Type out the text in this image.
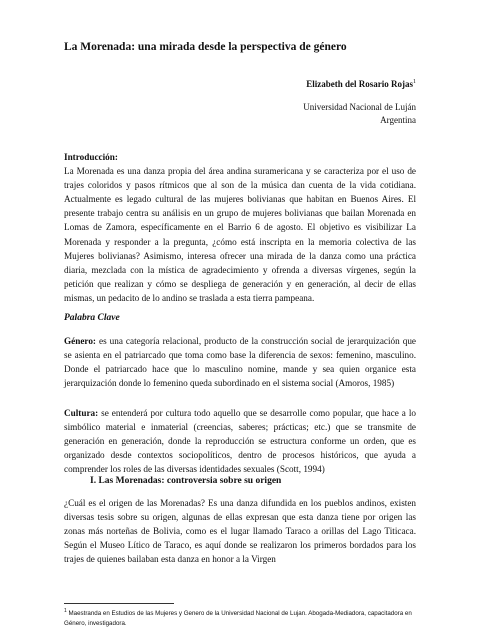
La Morenada: una mirada desde la perspectiva de género
Elizabeth del Rosario Rojas$^1$
Universidad Nacional de Luján
Argentina
Introducción:
La Morenada es una danza propia del área andina suramericana y se caracteriza por el uso de trajes coloridos y pasos rítmicos que al son de la música dan cuenta de la vida cotidiana. Actualmente es legado cultural de las mujeres bolivianas que habitan en Buenos Aires. El presente trabajo centra su análisis en un grupo de mujeres bolivianas que bailan Morenada en Lomas de Zamora, específicamente en el Barrio 6 de agosto. El objetivo es visibilizar La Morenada y responder a la pregunta, ¿cómo está inscripta en la memoria colectiva de las Mujeres bolivianas? Asimismo, interesa ofrecer una mirada de la danza como una práctica diaria, mezclada con la mística de agradecimiento y ofrenda a diversas vírgenes, según la petición que realizan y cómo se despliega de generación y en generación, al decir de ellas mismas, un pedacito de lo andino se traslada a esta tierra pampeana.
Palabra Clave
Género: es una categoría relacional, producto de la construcción social de jerarquización que se asienta en el patriarcado que toma como base la diferencia de sexos: femenino, masculino. Donde el patriarcado hace que lo masculino nomine, mande y sea quien organice esta jerarquización donde lo femenino queda subordinado en el sistema social (Amoros, 1985)
Cultura: se entenderá por cultura todo aquello que se desarrolle como popular, que hace a lo simbólico material e inmaterial (creencias, saberes; prácticas; etc.) que se transmite de generación en generación, donde la reproducción se estructura conforme un orden, que es organizado desde contextos sociopolíticos, dentro de procesos históricos, que ayuda a comprender los roles de las diversas identidades sexuales (Scott, 1994)
I. Las Morenadas: controversia sobre su origen
¿Cuál es el origen de las Morenadas? Es una danza difundida en los pueblos andinos, existen diversas tesis sobre su origen, algunas de ellas expresan que esta danza tiene por origen las zonas más norteñas de Bolivia, como es el lugar llamado Taraco a orillas del Lago Titicaca. Según el Museo Lítico de Taraco, es aquí donde se realizaron los primeros bordados para los trajes de quienes bailaban esta danza en honor a la Virgen
$^1$ Maestranda en Estudios de las Mujeres y Genero de la Universidad Nacional de Lujan. Abogada-Mediadora, capacitadora en Género, investigadora.
